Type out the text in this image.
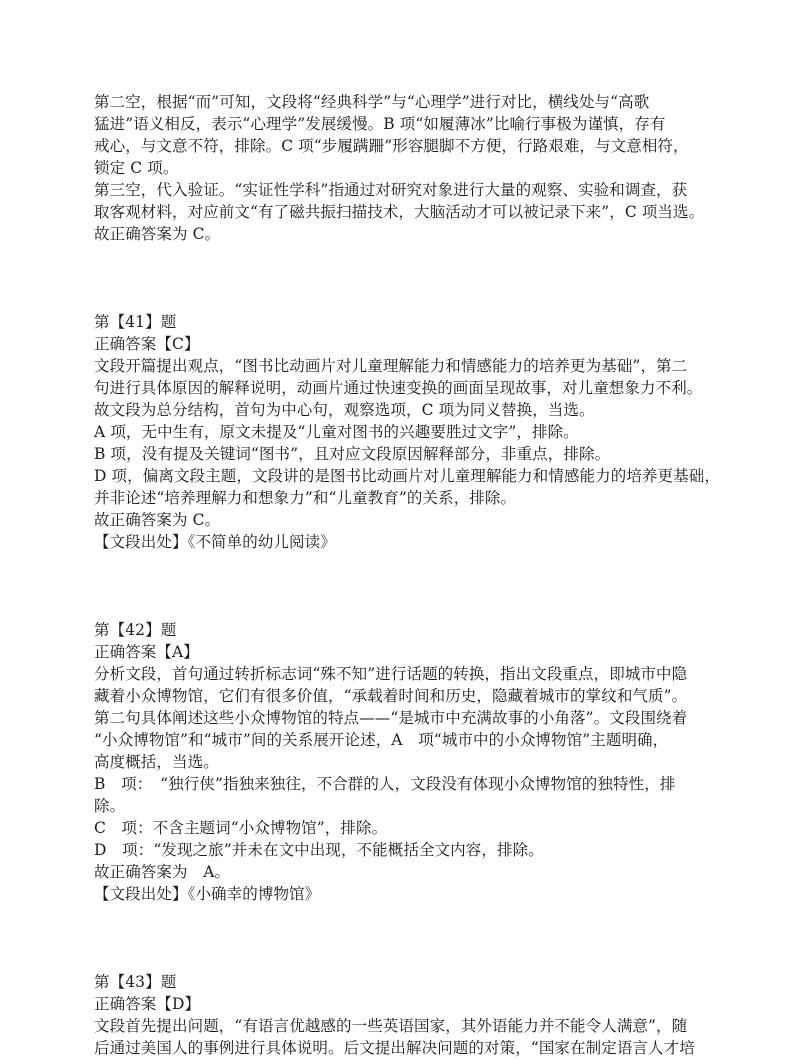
第二空，根据“而”可知，文段将“经典科学”与“心理学”进行对比，横线处与“高歌
猛进”语义相反，表示“心理学”发展缓慢。B 项“如履薄冰”比喻行事极为谨慎，存有
戒心，与文意不符，排除。C 项“步履蹒跚”形容腿脚不方便，行路艰难，与文意相符，
锁定 C 项。
第三空，代入验证。“实证性学科”指通过对研究对象进行大量的观察、实验和调查，获
取客观材料，对应前文“有了磁共振扫描技术，大脑活动才可以被记录下来”，C 项当选。
故正确答案为 C。
第【41】题
正确答案【C】
文段开篇提出观点，“图书比动画片对儿童理解能力和情感能力的培养更为基础”，第二
句进行具体原因的解释说明，动画片通过快速变换的画面呈现故事，对儿童想象力不利。
故文段为总分结构，首句为中心句，观察选项，C 项为同义替换，当选。
A 项，无中生有，原文未提及“儿童对图书的兴趣要胜过文字”，排除。
B 项，没有提及关键词“图书”，且对应文段原因解释部分，非重点，排除。
D 项，偏离文段主题，文段讲的是图书比动画片对儿童理解能力和情感能力的培养更基础，
并非论述“培养理解力和想象力”和“儿童教育”的关系，排除。
故正确答案为 C。
【文段出处】《不简单的幼儿阅读》
第【42】题
正确答案【A】
分析文段，首句通过转折标志词“殊不知”进行话题的转换，指出文段重点，即城市中隐
藏着小众博物馆，它们有很多价值，“承载着时间和历史，隐藏着城市的掌纹和气质”。
第二句具体阐述这些小众博物馆的特点——“是城市中充满故事的小角落”。文段围绕着
“小众博物馆”和“城市”间的关系展开论述，A　项“城市中的小众博物馆”主题明确，
高度概括，当选。
B　项：　“独行侠”指独来独往，不合群的人，文段没有体现小众博物馆的独特性，排
除。
C　项：不含主题词“小众博物馆”，排除。
D　项：“发现之旅”并未在文中出现，不能概括全文内容，排除。
故正确答案为　A。
【文段出处】《小确幸的博物馆》
第【43】题
正确答案【D】
文段首先提出问题，“有语言优越感的一些英语国家，其外语能力并不能令人满意”，随
后通过美国人的事例进行具体说明。后文提出解决问题的对策，“国家在制定语言人才培
